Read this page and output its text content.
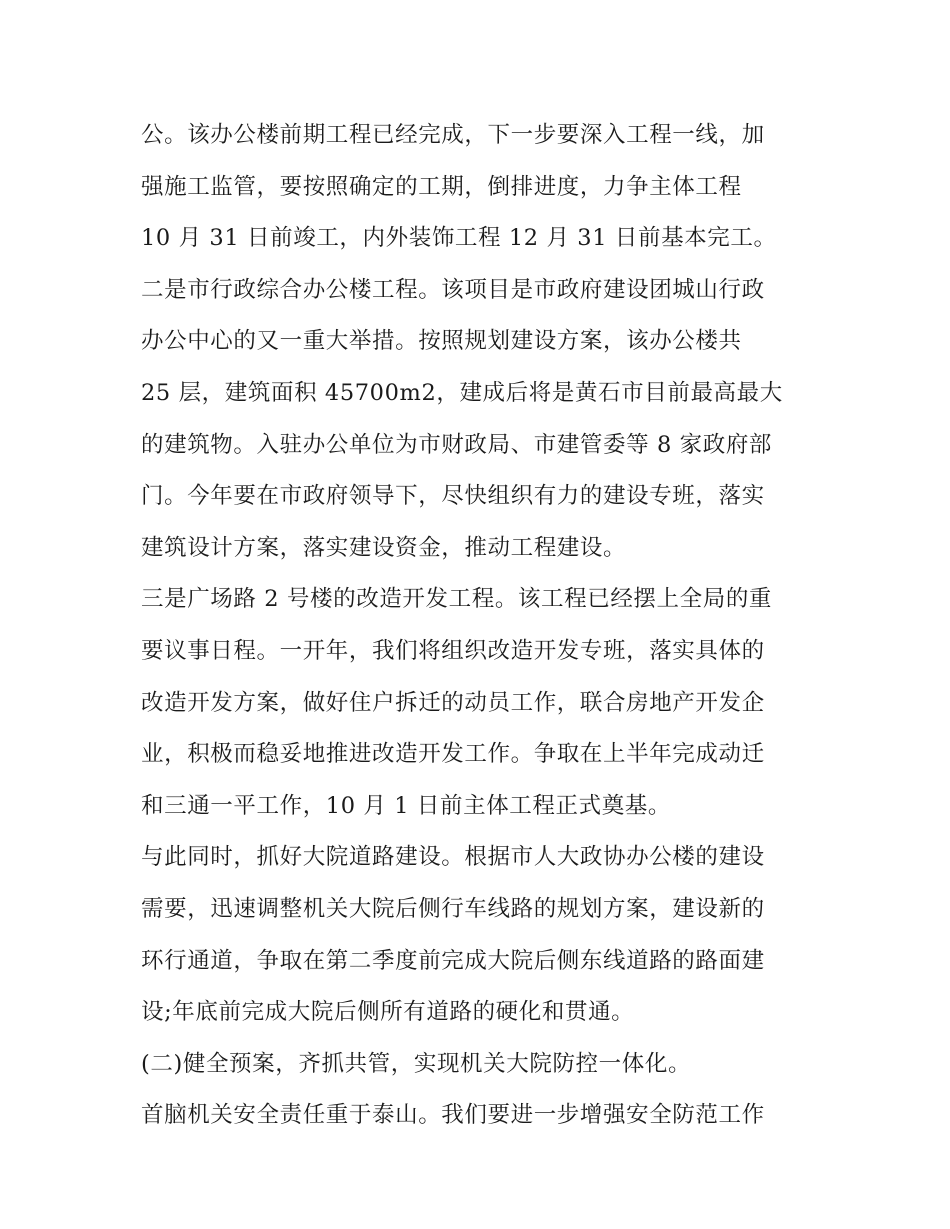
公。该办公楼前期工程已经完成，下一步要深入工程一线，加
强施工监管，要按照确定的工期，倒排进度，力争主体工程
10 月 31 日前竣工，内外装饰工程 12 月 31 日前基本完工。
二是市行政综合办公楼工程。该项目是市政府建设团城山行政
办公中心的又一重大举措。按照规划建设方案，该办公楼共
25 层，建筑面积 45700m2，建成后将是黄石市目前最高最大
的建筑物。入驻办公单位为市财政局、市建管委等 8 家政府部
门。今年要在市政府领导下，尽快组织有力的建设专班，落实
建筑设计方案，落实建设资金，推动工程建设。
三是广场路 2 号楼的改造开发工程。该工程已经摆上全局的重
要议事日程。一开年，我们将组织改造开发专班，落实具体的
改造开发方案，做好住户拆迁的动员工作，联合房地产开发企
业，积极而稳妥地推进改造开发工作。争取在上半年完成动迁
和三通一平工作，10 月 1 日前主体工程正式奠基。
与此同时，抓好大院道路建设。根据市人大政协办公楼的建设
需要，迅速调整机关大院后侧行车线路的规划方案，建设新的
环行通道，争取在第二季度前完成大院后侧东线道路的路面建
设;年底前完成大院后侧所有道路的硬化和贯通。
(二)健全预案，齐抓共管，实现机关大院防控一体化。
首脑机关安全责任重于泰山。我们要进一步增强安全防范工作
